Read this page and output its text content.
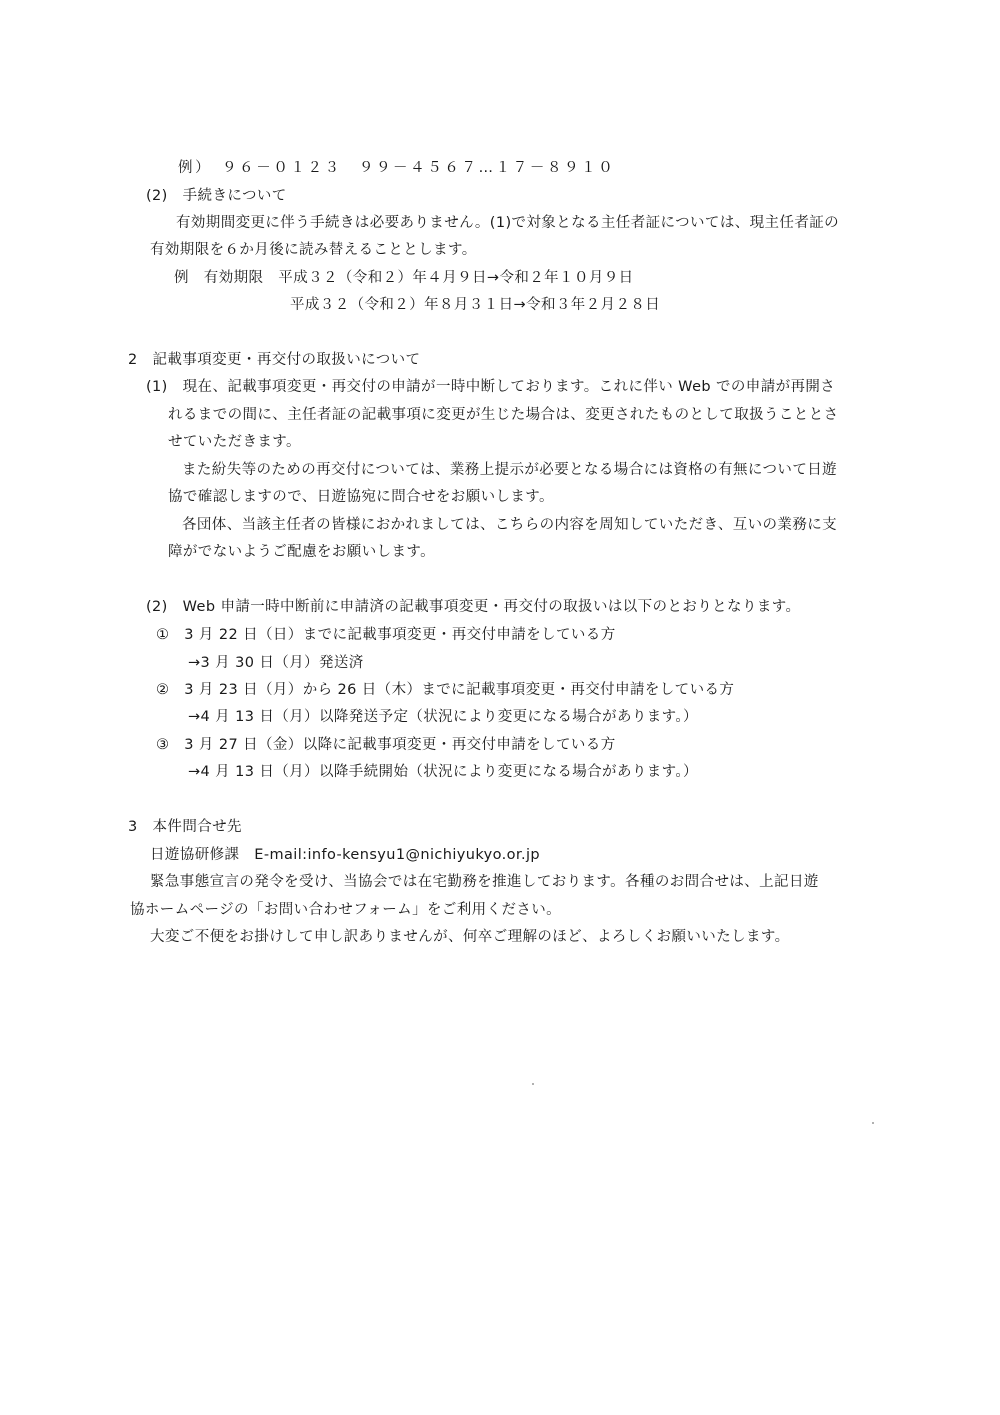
例）　９６－０１２３　９９－４５６７…１７－８９１０
(2)　手続きについて
有効期間変更に伴う手続きは必要ありません。(1)で対象となる主任者証については、現主任者証の
有効期限を６か月後に読み替えることとします。
例　有効期限　平成３２（令和２）年４月９日→令和２年１０月９日
平成３２（令和２）年８月３１日→令和３年２月２８日
2　記載事項変更・再交付の取扱いについて
(1)　現在、記載事項変更・再交付の申請が一時中断しております。これに伴い Web での申請が再開さ
れるまでの間に、主任者証の記載事項に変更が生じた場合は、変更されたものとして取扱うこととさ
せていただきます。
また紛失等のための再交付については、業務上提示が必要となる場合には資格の有無について日遊
協で確認しますので、日遊協宛に問合せをお願いします。
各団体、当該主任者の皆様におかれましては、こちらの内容を周知していただき、互いの業務に支
障がでないようご配慮をお願いします。
(2)　Web 申請一時中断前に申請済の記載事項変更・再交付の取扱いは以下のとおりとなります。
①　3 月 22 日（日）までに記載事項変更・再交付申請をしている方
→3 月 30 日（月）発送済
②　3 月 23 日（月）から 26 日（木）までに記載事項変更・再交付申請をしている方
→4 月 13 日（月）以降発送予定（状況により変更になる場合があります。）
③　3 月 27 日（金）以降に記載事項変更・再交付申請をしている方
→4 月 13 日（月）以降手続開始（状況により変更になる場合があります。）
3　本件問合せ先
日遊協研修課　E-mail:info-kensyu1@nichiyukyo.or.jp
緊急事態宣言の発令を受け、当協会では在宅勤務を推進しております。各種のお問合せは、上記日遊
協ホームページの「お問い合わせフォーム」をご利用ください。
大変ご不便をお掛けして申し訳ありませんが、何卒ご理解のほど、よろしくお願いいたします。
